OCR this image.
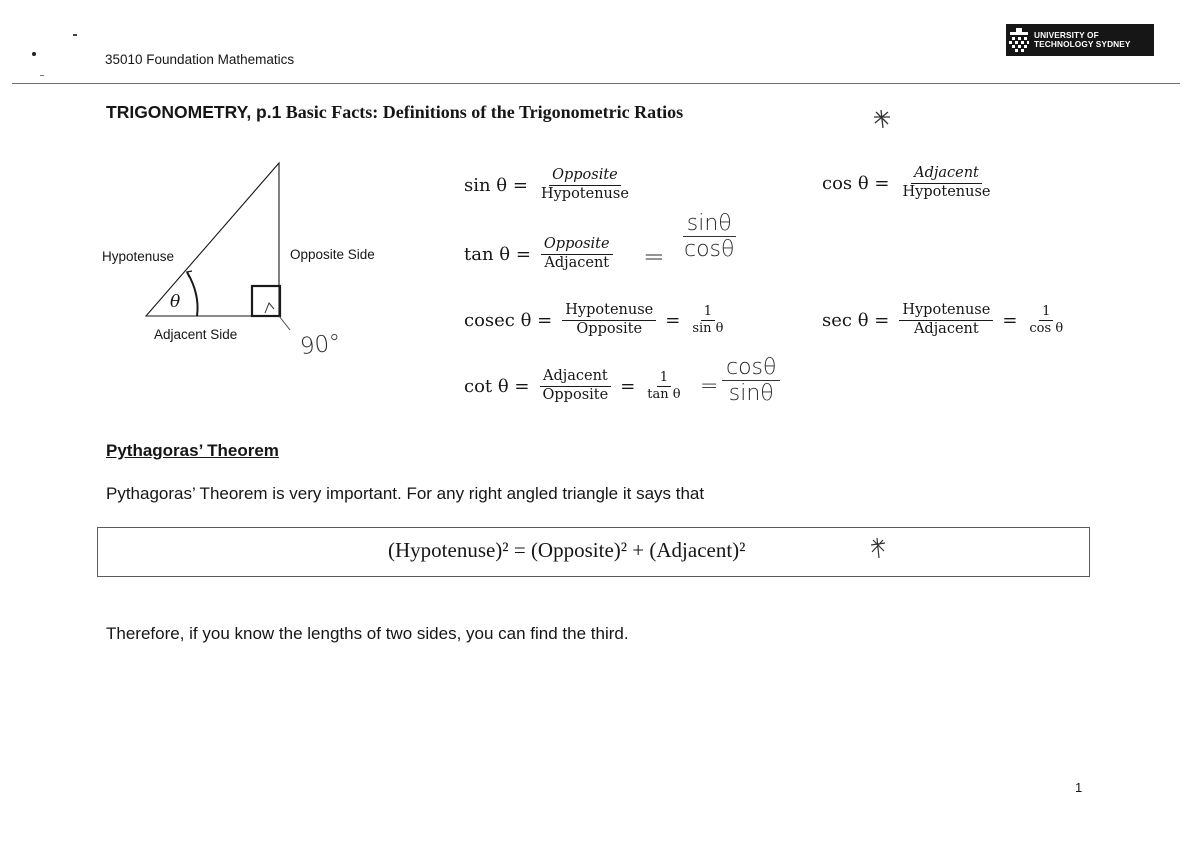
35010 Foundation Mathematics
UNIVERSITY OF
TECHNOLOGY SYDNEY
TRIGONOMETRY, p.1 Basic Facts: Definitions of the Trigonometric Ratios
θ
Hypotenuse	Opposite Side
Adjacent Side	90°
$\sin \theta = \frac{\text{Opposite}}{\text{Hypotenuse}}$	$\cos \theta = \frac{\text{Adjacent}}{\text{Hypotenuse}}$
$\tan \theta = \frac{\text{Opposite}}{\text{Adjacent}} = \frac{\sin\theta}{\cos\theta}$
cosec $\theta = \frac{\text{Hypotenuse}}{\text{Opposite}} = \frac{1}{\text{sin θ}}$	$\sec \theta = \frac{\text{Hypotenuse}}{\text{Adjacent}} = \frac{1}{\text{cos θ}}$
$\cot \theta = \frac{\text{Adjacent}}{\text{Opposite}} = \frac{1}{\text{tan θ}} = \frac{\cos\theta}{\sin\theta}$
Pythagoras’ Theorem
Pythagoras’ Theorem is very important. For any right angled triangle it says that
(Hypotenuse)² = (Opposite)² + (Adjacent)²
Therefore, if you know the lengths of two sides, you can find the third.
1
